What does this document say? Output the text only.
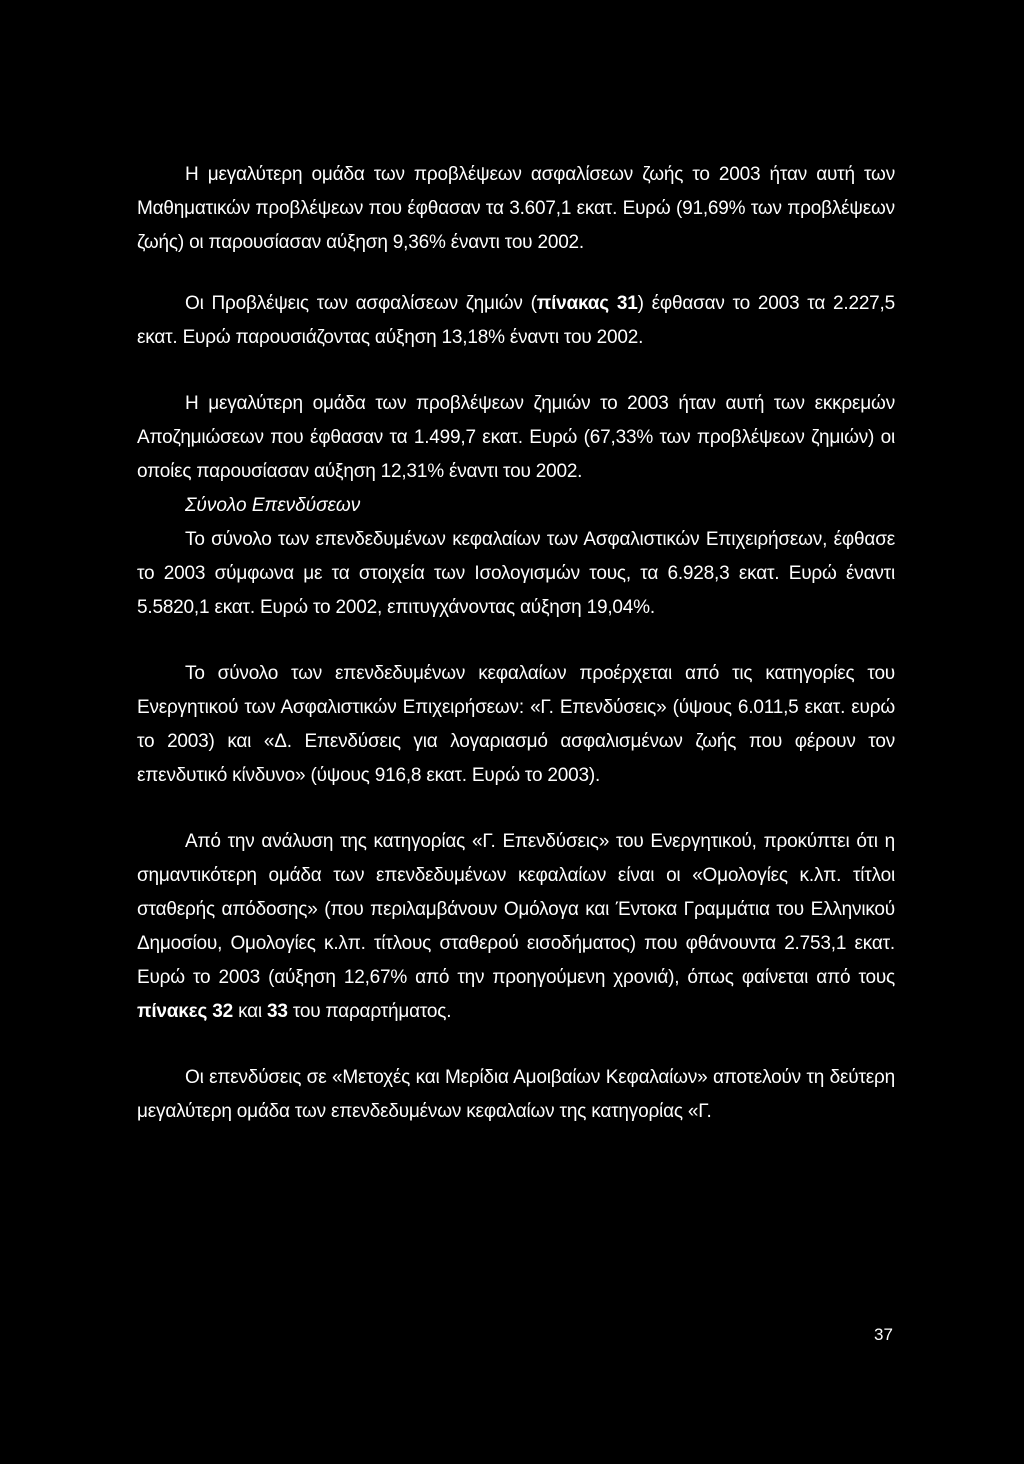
Η μεγαλύτερη ομάδα των προβλέψεων ασφαλίσεων ζωής το 2003 ήταν αυτή των Μαθηματικών προβλέψεων που έφθασαν τα 3.607,1 εκατ. Ευρώ (91,69% των προβλέψεων ζωής) οι παρουσίασαν αύξηση 9,36% έναντι του 2002.

Οι Προβλέψεις των ασφαλίσεων ζημιών (πίνακας 31) έφθασαν το 2003 τα 2.227,5 εκατ. Ευρώ παρουσιάζοντας αύξηση 13,18% έναντι του 2002.

Η μεγαλύτερη ομάδα των προβλέψεων ζημιών το 2003 ήταν αυτή των εκκρεμών Αποζημιώσεων που έφθασαν τα 1.499,7 εκατ. Ευρώ (67,33% των προβλέψεων ζημιών) οι οποίες παρουσίασαν αύξηση 12,31% έναντι του 2002.

Σύνολο Επενδύσεων

Το σύνολο των επενδεδυμένων κεφαλαίων των Ασφαλιστικών Επιχειρήσεων, έφθασε το 2003 σύμφωνα με τα στοιχεία των Ισολογισμών τους, τα 6.928,3 εκατ. Ευρώ έναντι 5.5820,1 εκατ. Ευρώ το 2002, επιτυγχάνοντας αύξηση 19,04%.

Το σύνολο των επενδεδυμένων κεφαλαίων προέρχεται από τις κατηγορίες του Ενεργητικού των Ασφαλιστικών Επιχειρήσεων: «Γ. Επενδύσεις» (ύψους 6.011,5 εκατ. ευρώ το 2003) και «Δ. Επενδύσεις για λογαριασμό ασφαλισμένων ζωής που φέρουν τον επενδυτικό κίνδυνο» (ύψους 916,8 εκατ. Ευρώ το 2003).

Από την ανάλυση της κατηγορίας «Γ. Επενδύσεις» του Ενεργητικού, προκύπτει ότι η σημαντικότερη ομάδα των επενδεδυμένων κεφαλαίων είναι οι «Ομολογίες κ.λπ. τίτλοι σταθερής απόδοσης» (που περιλαμβάνουν Ομόλογα και Έντοκα Γραμμάτια του Ελληνικού Δημοσίου, Ομολογίες κ.λπ. τίτλους σταθερού εισοδήματος) που φθάνουντα 2.753,1 εκατ. Ευρώ το 2003 (αύξηση 12,67% από την προηγούμενη χρονιά), όπως φαίνεται από τους πίνακες 32 και 33 του παραρτήματος.

Οι επενδύσεις σε «Μετοχές και Μερίδια Αμοιβαίων Κεφαλαίων» αποτελούν τη δεύτερη μεγαλύτερη ομάδα των επενδεδυμένων κεφαλαίων της κατηγορίας «Γ.

37
